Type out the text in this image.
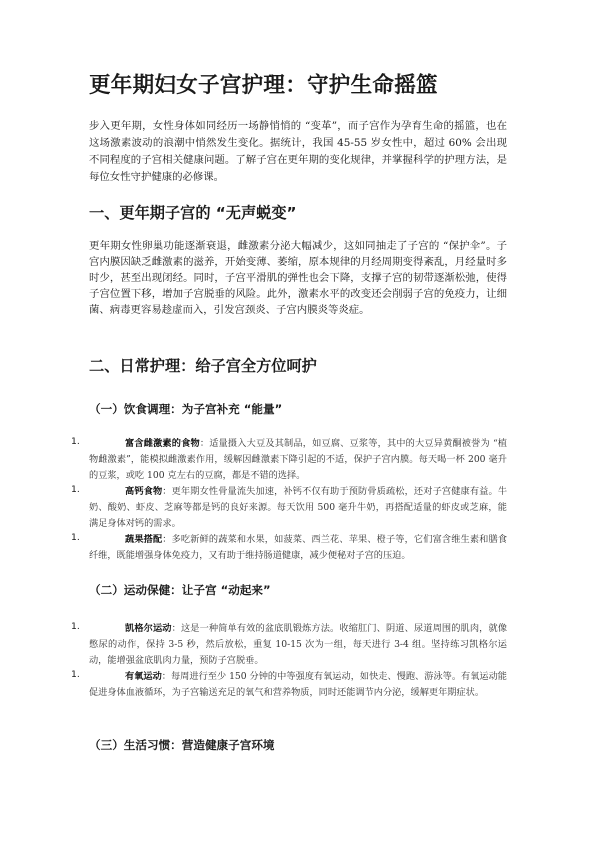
更年期妇女子宫护理：守护生命摇篮
步入更年期，女性身体如同经历一场静悄悄的 “变革”，而子宫作为孕育生命的摇篮，也在这场激素波动的浪潮中悄然发生变化。据统计，我国 45-55 岁女性中，超过 60% 会出现不同程度的子宫相关健康问题。了解子宫在更年期的变化规律，并掌握科学的护理方法，是每位女性守护健康的必修课。
一、更年期子宫的 “无声蜕变”
更年期女性卵巢功能逐渐衰退，雌激素分泌大幅减少，这如同抽走了子宫的 “保护伞”。子宫内膜因缺乏雌激素的滋养，开始变薄、萎缩，原本规律的月经周期变得紊乱，月经量时多时少，甚至出现闭经。同时，子宫平滑肌的弹性也会下降，支撑子宫的韧带逐渐松弛，使得子宫位置下移，增加子宫脱垂的风险。此外，激素水平的改变还会削弱子宫的免疫力，让细菌、病毒更容易趁虚而入，引发宫颈炎、子宫内膜炎等炎症。
二、日常护理：给子宫全方位呵护
（一）饮食调理：为子宫补充 “能量”
1.	富含雌激素的食物：适量摄入大豆及其制品，如豆腐、豆浆等，其中的大豆异黄酮被誉为 “植物雌激素”，能模拟雌激素作用，缓解因雌激素下降引起的不适，保护子宫内膜。每天喝一杯 200 毫升的豆浆，或吃 100 克左右的豆腐，都是不错的选择。
1.	高钙食物：更年期女性骨量流失加速，补钙不仅有助于预防骨质疏松，还对子宫健康有益。牛奶、酸奶、虾皮、芝麻等都是钙的良好来源。每天饮用 500 毫升牛奶，再搭配适量的虾皮或芝麻，能满足身体对钙的需求。
1.	蔬果搭配：多吃新鲜的蔬菜和水果，如菠菜、西兰花、苹果、橙子等，它们富含维生素和膳食纤维，既能增强身体免疫力，又有助于维持肠道健康，减少便秘对子宫的压迫。
（二）运动保健：让子宫 “动起来”
1.	凯格尔运动：这是一种简单有效的盆底肌锻炼方法。收缩肛门、阴道、尿道周围的肌肉，就像憋尿的动作，保持 3-5 秒，然后放松，重复 10-15 次为一组，每天进行 3-4 组。坚持练习凯格尔运动，能增强盆底肌肉力量，预防子宫脱垂。
1.	有氧运动：每周进行至少 150 分钟的中等强度有氧运动，如快走、慢跑、游泳等。有氧运动能促进身体血液循环，为子宫输送充足的氧气和营养物质，同时还能调节内分泌，缓解更年期症状。
（三）生活习惯：营造健康子宫环境
